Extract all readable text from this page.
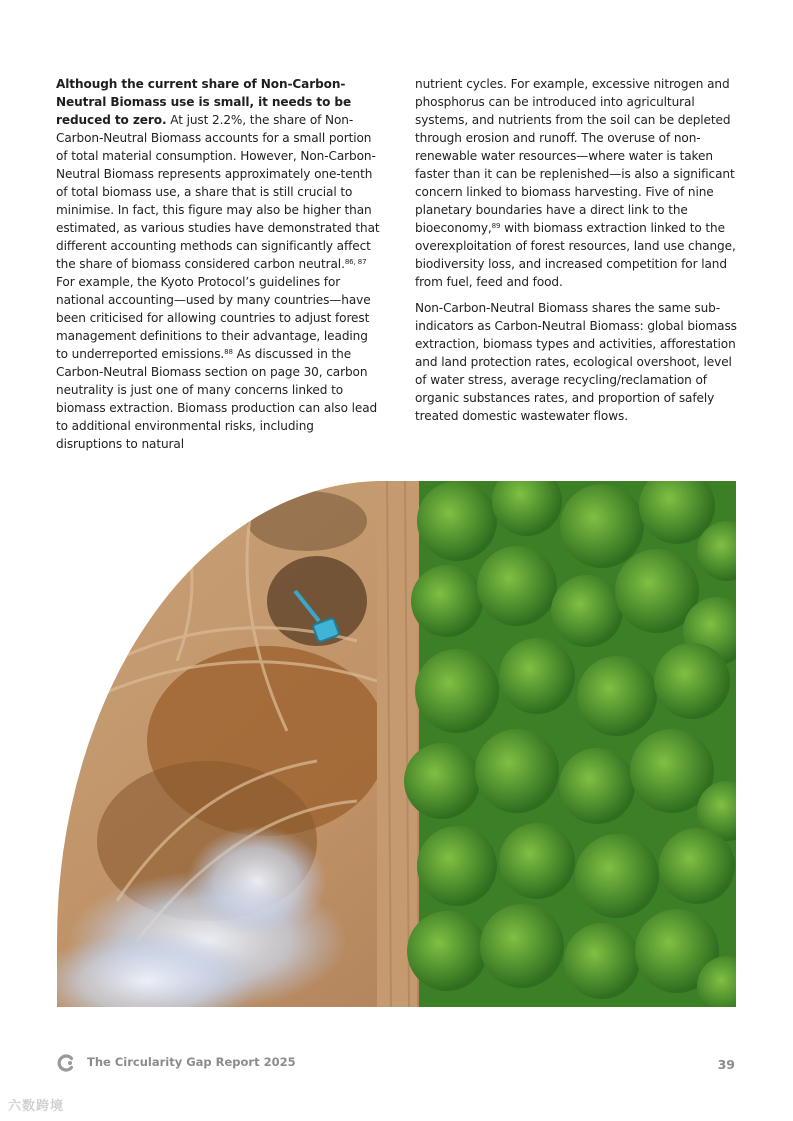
Although the current share of Non-Carbon-Neutral Biomass use is small, it needs to be reduced to zero. At just 2.2%, the share of Non-Carbon-Neutral Biomass accounts for a small portion of total material consumption. However, Non-Carbon-Neutral Biomass represents approximately one-tenth of total biomass use, a share that is still crucial to minimise. In fact, this figure may also be higher than estimated, as various studies have demonstrated that different accounting methods can significantly affect the share of biomass considered carbon neutral.$^{86, 87}$ For example, the Kyoto Protocol’s guidelines for national accounting—used by many countries—have been criticised for allowing countries to adjust forest management definitions to their advantage, leading to underreported emissions.$^{88}$ As discussed in the Carbon-Neutral Biomass section on page 30, carbon neutrality is just one of many concerns linked to biomass extraction. Biomass production can also lead to additional environmental risks, including disruptions to natural

nutrient cycles. For example, excessive nitrogen and phosphorus can be introduced into agricultural systems, and nutrients from the soil can be depleted through erosion and runoff. The overuse of non-renewable water resources—where water is taken faster than it can be replenished—is also a significant concern linked to biomass harvesting. Five of nine planetary boundaries have a direct link to the bioeconomy,$^{89}$ with biomass extraction linked to the overexploitation of forest resources, land use change, biodiversity loss, and increased competition for land from fuel, feed and food.

Non-Carbon-Neutral Biomass shares the same sub-indicators as Carbon-Neutral Biomass: global biomass extraction, biomass types and activities, afforestation and land protection rates, ecological overshoot, level of water stress, average recycling/reclamation of organic substances rates, and proportion of safely treated domestic wastewater flows.

The Circularity Gap Report 2025	39
六数跨境
